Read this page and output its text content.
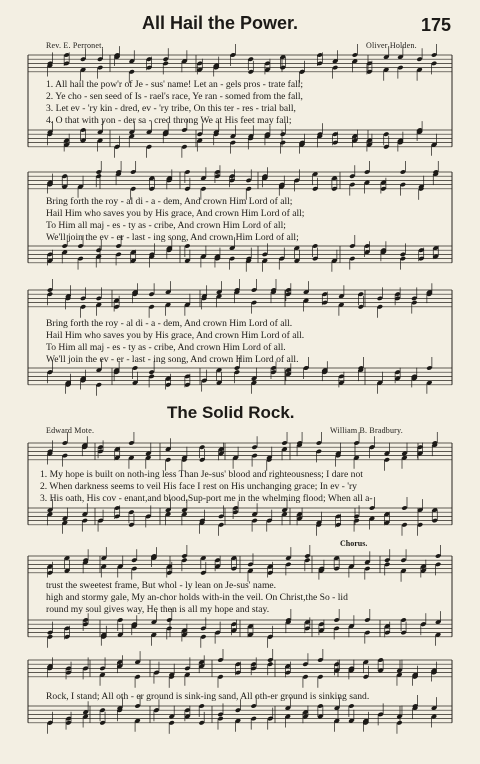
All Hail the Power.	175
Rev. E. Perronet.	Oliver Holden.
1. All hail the pow'r of Je - sus' name! Let an - gels pros - trate fall;
2. Ye cho - sen seed of Is - rael's race, Ye ran - somed from the fall,
3. Let ev - 'ry kin - dred, ev - 'ry tribe, On this ter - res - trial ball,
4. O that with yon - der sa - cred throng We at His feet may fall;
Bring forth the roy - al di - a - dem, And crown Him Lord of all;
Hail Him who saves you by His grace, And crown Him Lord of all;
To Him all maj - es - ty as - cribe, And crown Him Lord of all;
We'll join the ev - er - last - ing song, And crown Him Lord of all;
Bring forth the roy - al di - a - dem, And crown Him Lord of all.
Hail Him who saves you by His grace, And crown Him Lord of all.
To Him all maj - es - ty as - cribe, And crown Him Lord of all.
We'll join the ev - er - last - ing song, And crown Him Lord of all.
The Solid Rock.
Edward Mote.	William B. Bradbury.
1. My hope is built on noth-ing less Than Je-sus' blood and righteousness; I dare not
2. When darkness seems to veil His face I rest on His unchanging grace; In ev - 'ry
3. His oath, His cov - enant,and blood,Sup-port me in the whelming flood; When all a-
Chorus.
trust the sweetest frame, But whol - ly lean on Je-sus' name.
high and stormy gale, My an-chor holds with-in the veil. On Christ,the So - lid
round my soul gives way, He then is all my hope and stay.
Rock, I stand; All oth - er ground is sink-ing sand, All oth-er ground is sinking sand.
